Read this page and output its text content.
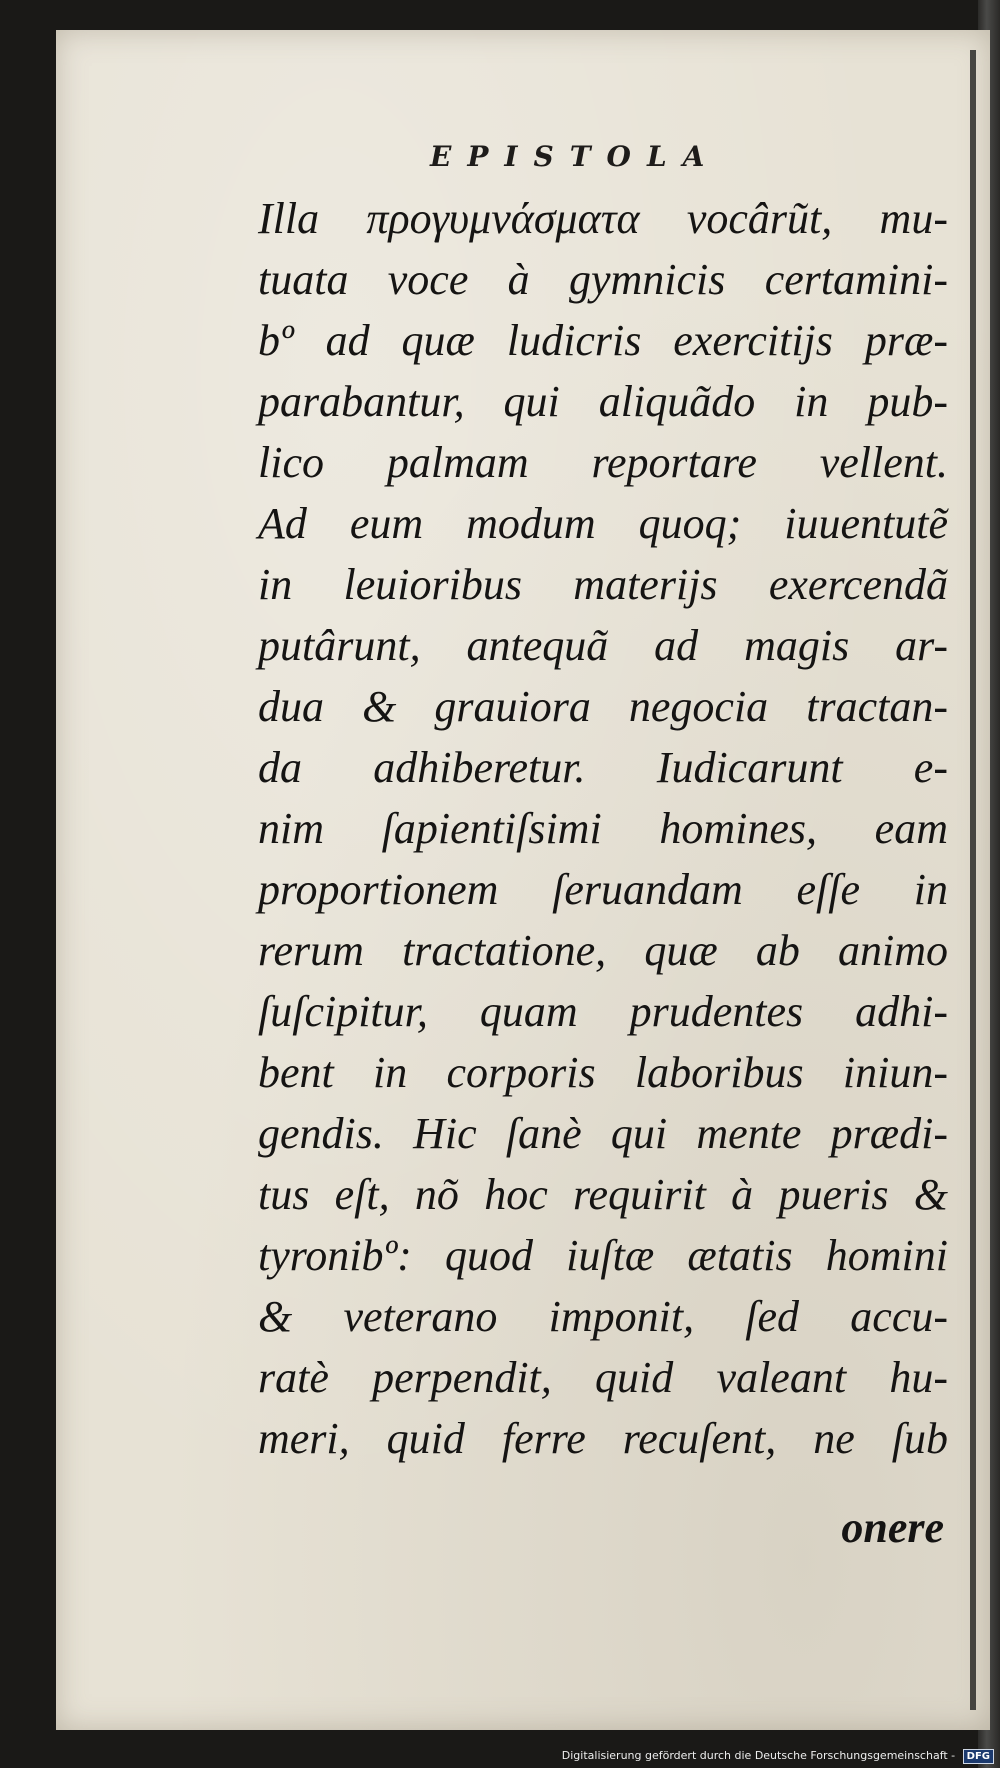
EPISTOLA
Illa προγυμνάσματα vocârũt, mu-
tuata voce à gymnicis certamini-
bº ad quæ ludicris exercitijs præ-
parabantur, qui aliquãdo in pub-
lico palmam reportare vellent.
Ad eum modum quoq; iuuentutẽ
in leuioribus materijs exercendã
putârunt, antequã ad magis ar-
dua & grauiora negocia tractan-
da adhiberetur. Iudicarunt e-
nim ſapientiſsimi homines, eam
proportionem ſeruandam eſſe in
rerum tractatione, quæ ab animo
ſuſcipitur, quam prudentes adhi-
bent in corporis laboribus iniun-
gendis. Hic ſanè qui mente prædi-
tus eſt, nõ hoc requirit à pueris &
tyronibº: quod iuſtæ ætatis homini
& veterano imponit, ſed accu-
ratè perpendit, quid valeant hu-
meri, quid ferre recuſent, ne ſub
onere
Digitalisierung gefördert durch die Deutsche Forschungsgemeinschaft - DFG
